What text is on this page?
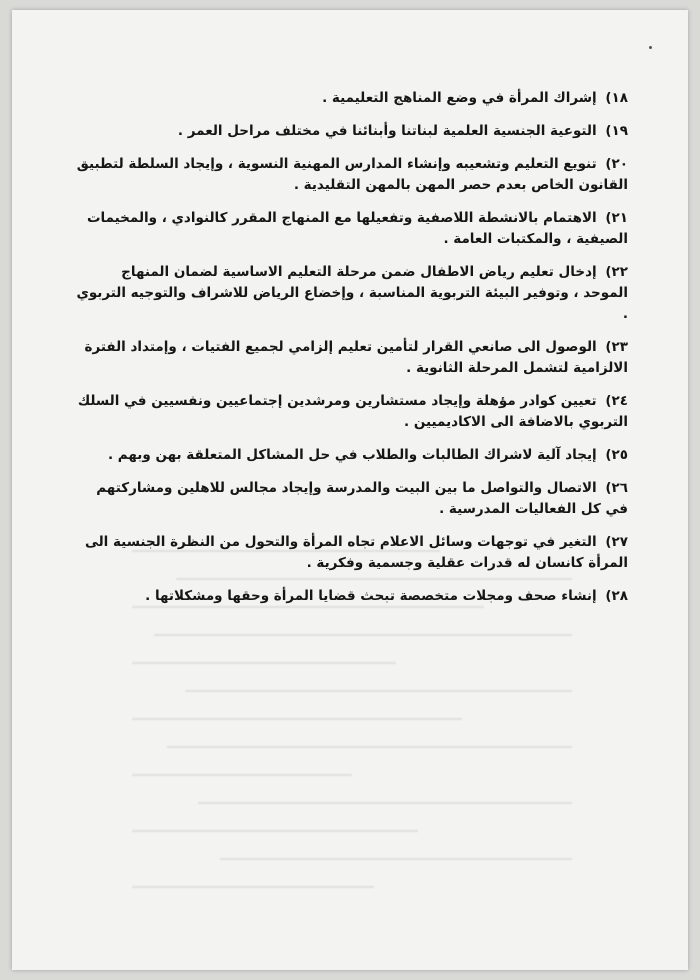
١٨) إشراك المرأة في وضع المناهج التعليمية .
١٩) التوعية الجنسية العلمية لبناتنا وأبنائنا في مختلف مراحل العمر .
٢٠) تنويع التعليم وتشعيبه وإنشاء المدارس المهنية النسوية ، وإيجاد السلطة لتطبيق القانون الخاص بعدم حصر المهن بالمهن التقليدية .
٢١) الاهتمام بالانشطة اللاصفية وتفعيلها مع المنهاج المقرر كالنوادي ، والمخيمات الصيفية ، والمكتبات العامة .
٢٢) إدخال تعليم رياض الاطفال ضمن مرحلة التعليم الاساسية لضمان المنهاج الموحد ، وتوفير البيئة التربوية المناسبة ، وإخضاع الرياض للاشراف والتوجيه التربوي .
٢٣) الوصول الى صانعي القرار لتأمين تعليم إلزامي لجميع الفتيات ، وإمتداد الفترة الالزامية لتشمل المرحلة الثانوية .
٢٤) تعيين كوادر مؤهلة وإيجاد مستشارين ومرشدين إجتماعيين ونفسيين في السلك التربوي بالاضافة الى الاكاديميين .
٢٥) إيجاد آلية لاشراك الطالبات والطلاب في حل المشاكل المتعلقة بهن وبهم .
٢٦) الاتصال والتواصل ما بين البيت والمدرسة وإيجاد مجالس للاهلين ومشاركتهم في كل الفعاليات المدرسية .
٢٧) التغير في توجهات وسائل الاعلام تجاه المرأة والتحول من النظرة الجنسية الى المرأة كانسان له قدرات عقلية وجسمية وفكرية .
٢٨) إنشاء صحف ومجلات متخصصة تبحث قضايا المرأة وحقها ومشكلاتها .
